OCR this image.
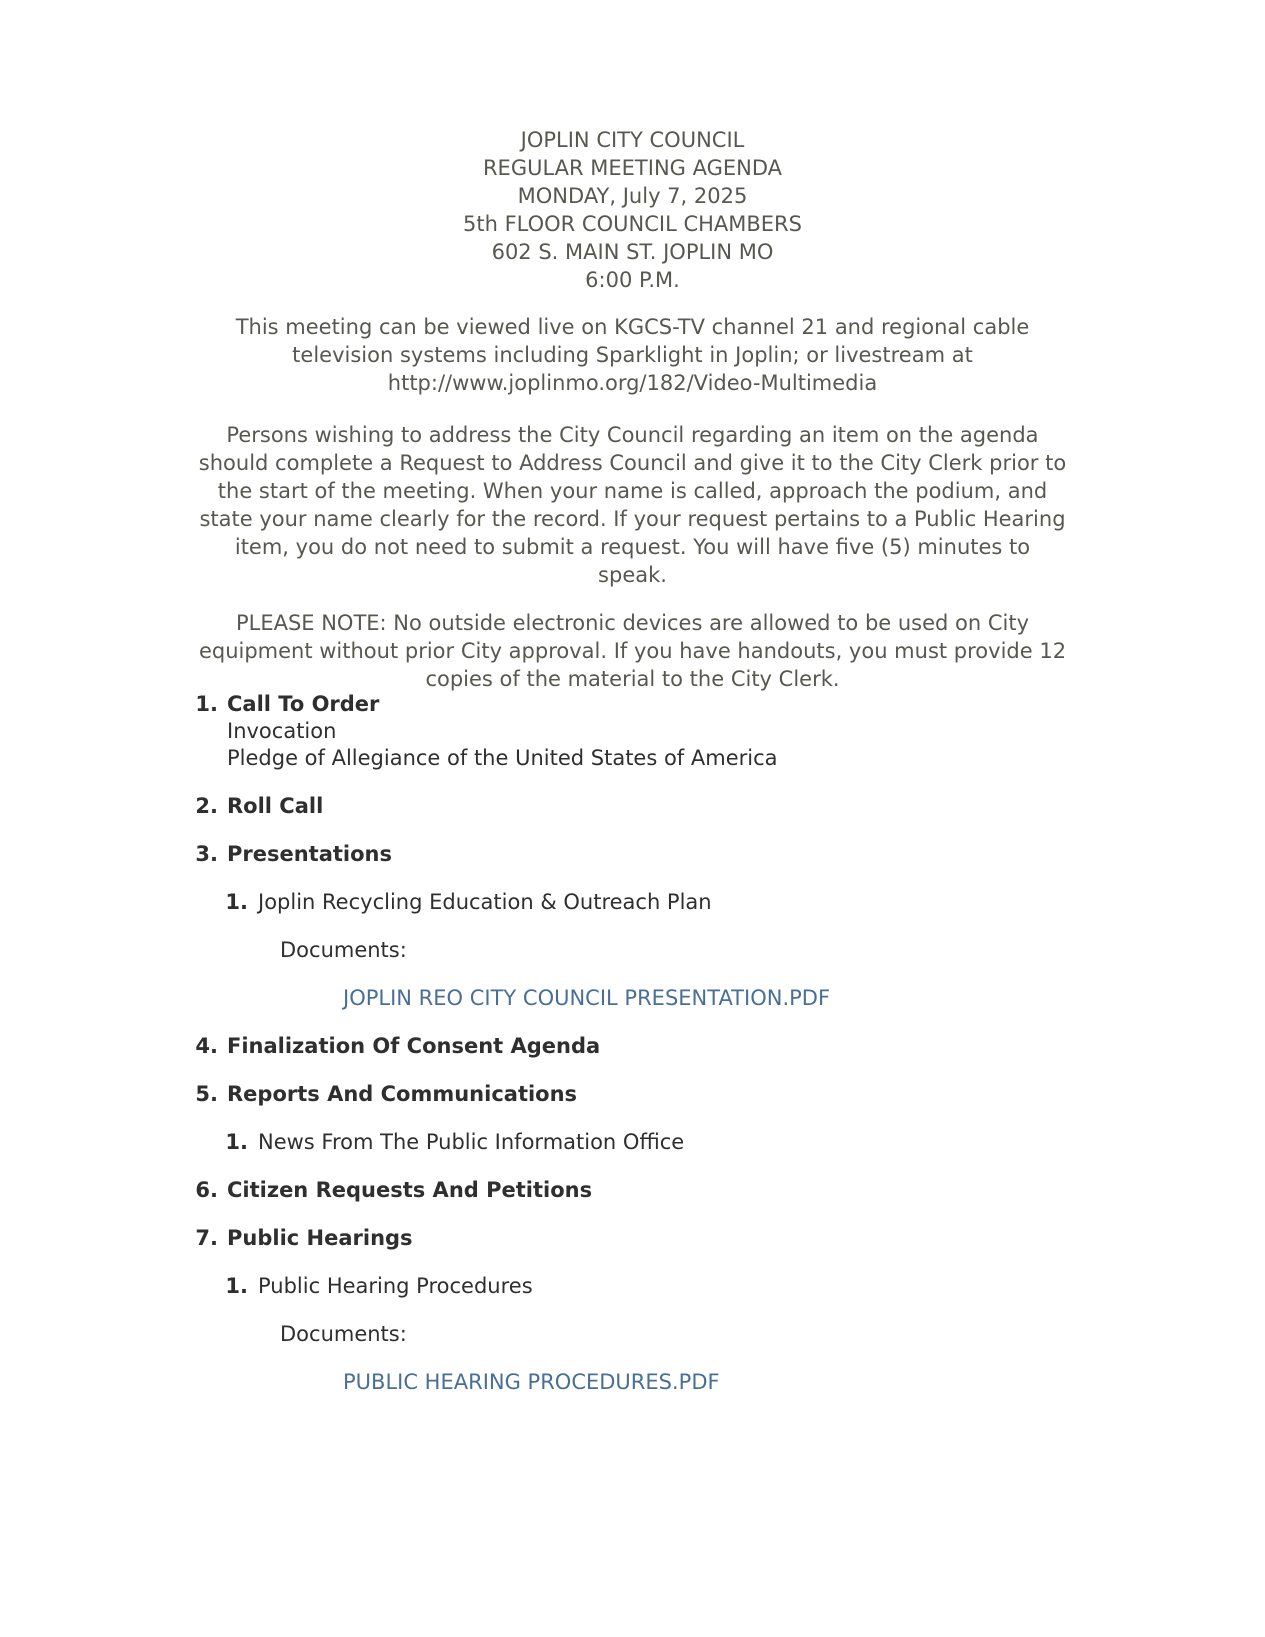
JOPLIN CITY COUNCIL
REGULAR MEETING AGENDA
MONDAY, July 7, 2025
5th FLOOR COUNCIL CHAMBERS
602 S. MAIN ST. JOPLIN MO
6:00 P.M.
This meeting can be viewed live on KGCS-TV channel 21 and regional cable
television systems including Sparklight in Joplin; or livestream at
http://www.joplinmo.org/182/Video-Multimedia
Persons wishing to address the City Council regarding an item on the agenda
should complete a Request to Address Council and give it to the City Clerk prior to
the start of the meeting. When your name is called, approach the podium, and
state your name clearly for the record. If your request pertains to a Public Hearing
item, you do not need to submit a request. You will have five (5) minutes to
speak.
PLEASE NOTE: No outside electronic devices are allowed to be used on City
equipment without prior City approval. If you have handouts, you must provide 12
copies of the material to the City Clerk.
1. Call To Order
Invocation
Pledge of Allegiance of the United States of America
2. Roll Call
3. Presentations
1. Joplin Recycling Education & Outreach Plan
Documents:
JOPLIN REO CITY COUNCIL PRESENTATION.PDF
4. Finalization Of Consent Agenda
5. Reports And Communications
1. News From The Public Information Office
6. Citizen Requests And Petitions
7. Public Hearings
1. Public Hearing Procedures
Documents:
PUBLIC HEARING PROCEDURES.PDF
